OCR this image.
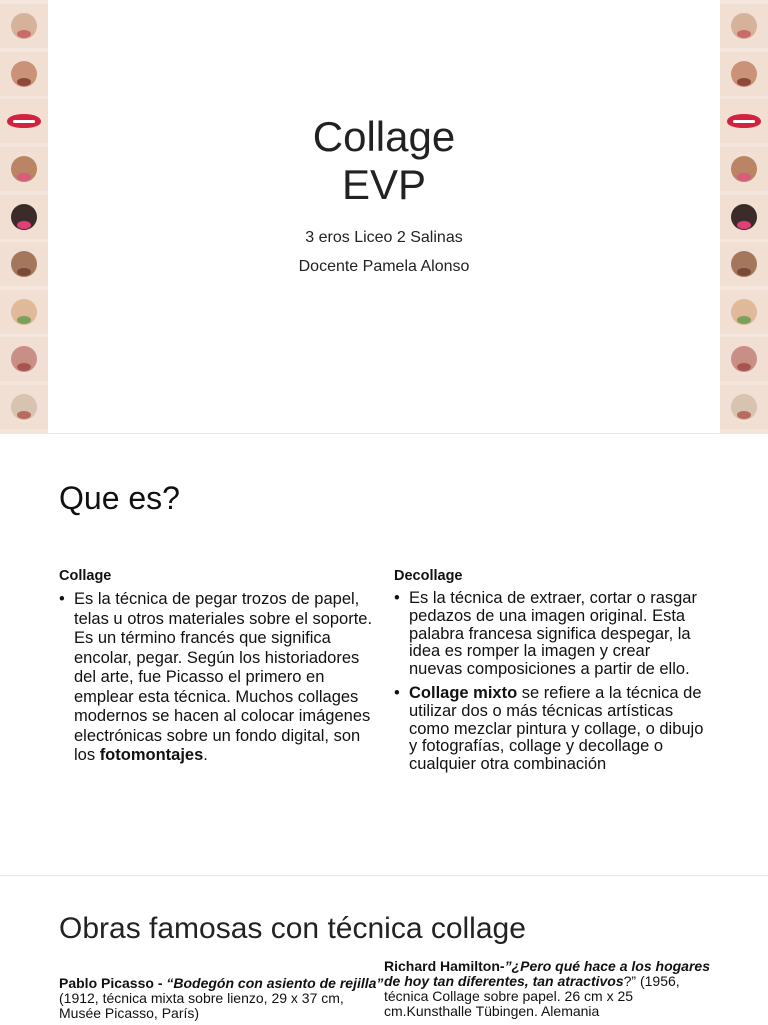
Collage
EVP
3 eros Liceo 2 Salinas
Docente Pamela Alonso
Que es?
Collage
• Es la técnica de pegar trozos de papel, telas u otros materiales sobre el soporte. Es un término francés que significa encolar, pegar. Según los historiadores del arte, fue Picasso el primero en emplear esta técnica. Muchos collages modernos se hacen al colocar imágenes electrónicas sobre un fondo digital, son los fotomontajes.
Decollage
• Es la técnica de extraer, cortar o rasgar pedazos de una imagen original. Esta palabra francesa significa despegar, la idea es romper la imagen y crear nuevas composiciones a partir de ello.
• Collage mixto se refiere a la técnica de utilizar dos o más técnicas artísticas como mezclar pintura y collage, o dibujo y fotografías, collage y decollage o cualquier otra combinación
Obras famosas con técnica collage
Pablo Picasso - “Bodegón con asiento de rejilla” (1912, técnica mixta sobre lienzo, 29 x 37 cm, Musée Picasso, París)
Richard Hamilton-”¿Pero qué hace a los hogares de hoy tan diferentes, tan atractivos?” (1956, técnica Collage sobre papel. 26 cm x 25 cm.Kunsthalle Tübingen. Alemania
